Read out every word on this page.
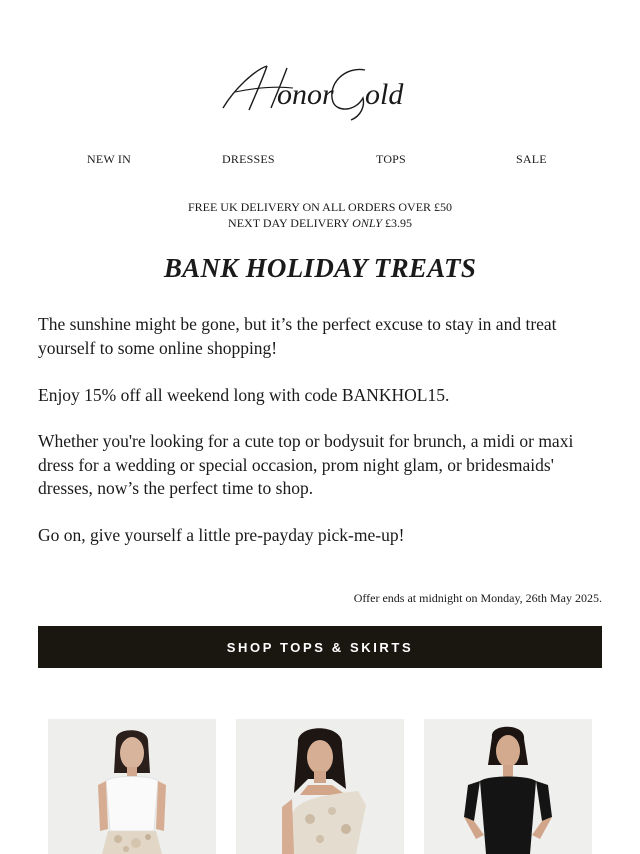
onor old
NEW IN	DRESSES	TOPS	SALE
FREE UK DELIVERY ON ALL ORDERS OVER £50
NEXT DAY DELIVERY ONLY £3.95
BANK HOLIDAY TREATS

The sunshine might be gone, but it’s the perfect excuse to stay in and treat yourself to some online shopping!

Enjoy 15% off all weekend long with code BANKHOL15.

Whether you're looking for a cute top or bodysuit for brunch, a midi or maxi dress for a wedding or special occasion, prom night glam, or bridesmaids' dresses, now’s the perfect time to shop.

Go on, give yourself a little pre-payday pick-me-up!

Offer ends at midnight on Monday, 26th May 2025.
SHOP TOPS & SKIRTS
